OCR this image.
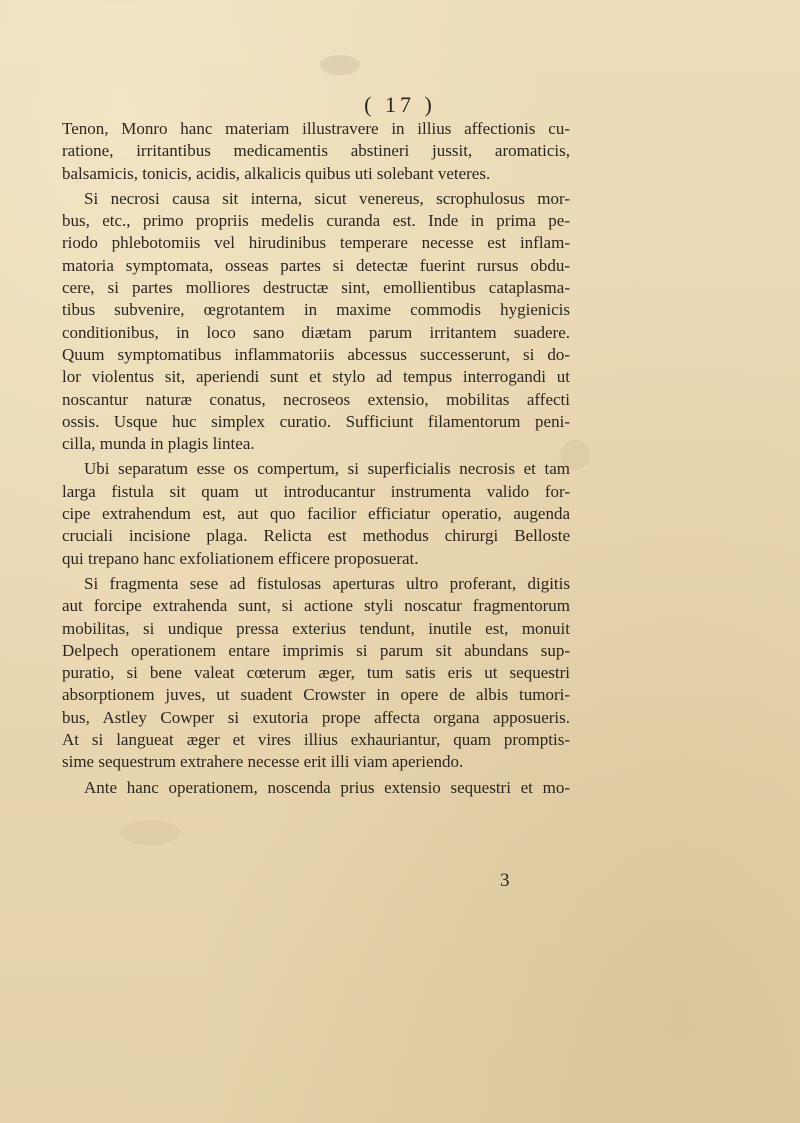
( 17 )
Tenon, Monro hanc materiam illustravere in illius affectionis cu-
ratione, irritantibus medicamentis abstineri jussit, aromaticis,
balsamicis, tonicis, acidis, alkalicis quibus uti solebant veteres.
Si necrosi causa sit interna, sicut venereus, scrophulosus mor-
bus, etc., primo propriis medelis curanda est. Inde in prima pe-
riodo phlebotomiis vel hirudinibus temperare necesse est inflam-
matoria symptomata, osseas partes si detectæ fuerint rursus obdu-
cere, si partes molliores destructæ sint, emollientibus cataplasma-
tibus subvenire, œgrotantem in maxime commodis hygienicis
conditionibus, in loco sano diætam parum irritantem suadere.
Quum symptomatibus inflammatoriis abcessus successerunt, si do-
lor violentus sit, aperiendi sunt et stylo ad tempus interrogandi ut
noscantur naturæ conatus, necroseos extensio, mobilitas affecti
ossis. Usque huc simplex curatio. Sufficiunt filamentorum peni-
cilla, munda in plagis lintea.
Ubi separatum esse os compertum, si superficialis necrosis et tam
larga fistula sit quam ut introducantur instrumenta valido for-
cipe extrahendum est, aut quo facilior efficiatur operatio, augenda
cruciali incisione plaga. Relicta est methodus chirurgi Belloste
qui trepano hanc exfoliationem efficere proposuerat.
Si fragmenta sese ad fistulosas aperturas ultro proferant, digitis
aut forcipe extrahenda sunt, si actione styli noscatur fragmentorum
mobilitas, si undique pressa exterius tendunt, inutile est, monuit
Delpech operationem entare imprimis si parum sit abundans sup-
puratio, si bene valeat cœterum æger, tum satis eris ut sequestri
absorptionem juves, ut suadent Crowster in opere de albis tumori-
bus, Astley Cowper si exutoria prope affecta organa apposueris.
At si langueat æger et vires illius exhauriantur, quam promptis-
sime sequestrum extrahere necesse erit illi viam aperiendo.
Ante hanc operationem, noscenda prius extensio sequestri et mo-
3
